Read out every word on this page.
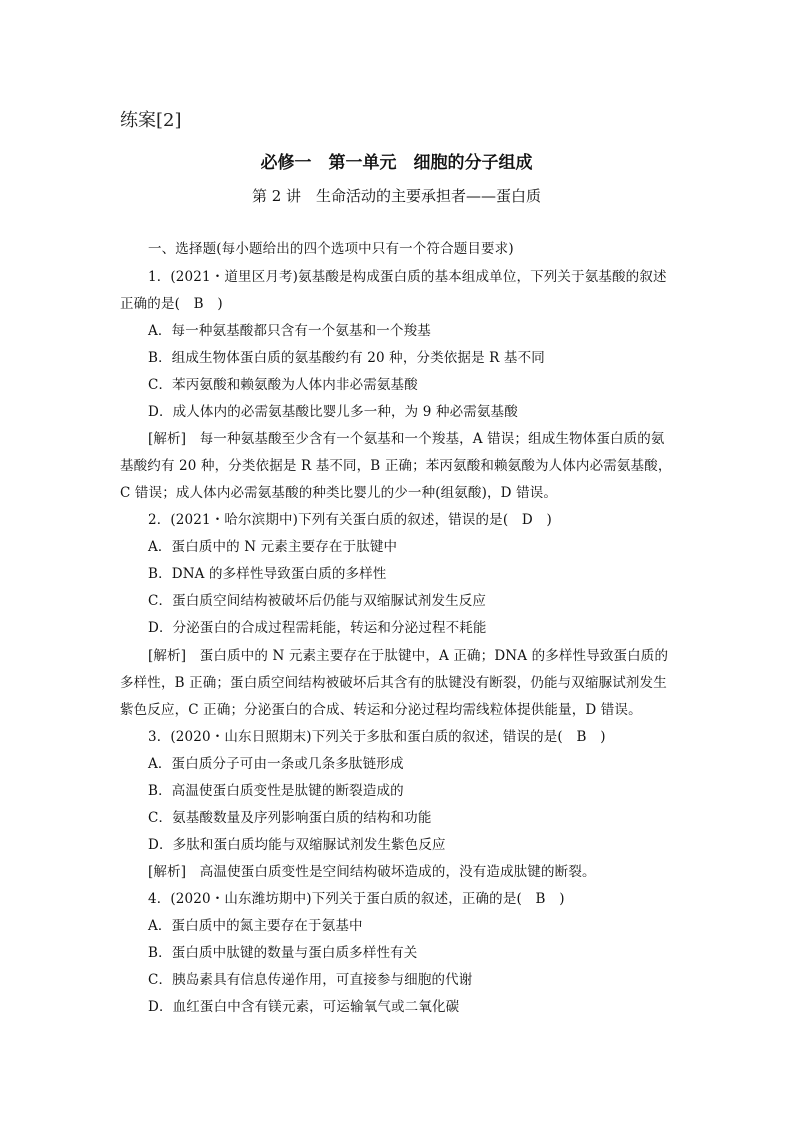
练案[2]
必修一　第一单元　细胞的分子组成
第 2 讲　生命活动的主要承担者——蛋白质
一、选择题(每小题给出的四个选项中只有一个符合题目要求)
1．(2021・道里区月考)氨基酸是构成蛋白质的基本组成单位，下列关于氨基酸的叙述
正确的是(　B　)
A．每一种氨基酸都只含有一个氨基和一个羧基
B．组成生物体蛋白质的氨基酸约有 20 种，分类依据是 R 基不同
C．苯丙氨酸和赖氨酸为人体内非必需氨基酸
D．成人体内的必需氨基酸比婴儿多一种，为 9 种必需氨基酸
[解析]　每一种氨基酸至少含有一个氨基和一个羧基，A 错误；组成生物体蛋白质的氨
基酸约有 20 种，分类依据是 R 基不同，B 正确；苯丙氨酸和赖氨酸为人体内必需氨基酸，
C 错误；成人体内必需氨基酸的种类比婴儿的少一种(组氨酸)，D 错误。
2．(2021・哈尔滨期中)下列有关蛋白质的叙述，错误的是(　D　)
A．蛋白质中的 N 元素主要存在于肽键中
B．DNA 的多样性导致蛋白质的多样性
C．蛋白质空间结构被破坏后仍能与双缩脲试剂发生反应
D．分泌蛋白的合成过程需耗能，转运和分泌过程不耗能
[解析]　蛋白质中的 N 元素主要存在于肽键中，A 正确；DNA 的多样性导致蛋白质的
多样性，B 正确；蛋白质空间结构被破坏后其含有的肽键没有断裂，仍能与双缩脲试剂发生
紫色反应，C 正确；分泌蛋白的合成、转运和分泌过程均需线粒体提供能量，D 错误。
3．(2020・山东日照期末)下列关于多肽和蛋白质的叙述，错误的是(　B　)
A．蛋白质分子可由一条或几条多肽链形成
B．高温使蛋白质变性是肽键的断裂造成的
C．氨基酸数量及序列影响蛋白质的结构和功能
D．多肽和蛋白质均能与双缩脲试剂发生紫色反应
[解析]　高温使蛋白质变性是空间结构破坏造成的，没有造成肽键的断裂。
4．(2020・山东潍坊期中)下列关于蛋白质的叙述，正确的是(　B　)
A．蛋白质中的氮主要存在于氨基中
B．蛋白质中肽键的数量与蛋白质多样性有关
C．胰岛素具有信息传递作用，可直接参与细胞的代谢
D．血红蛋白中含有镁元素，可运输氧气或二氧化碳
